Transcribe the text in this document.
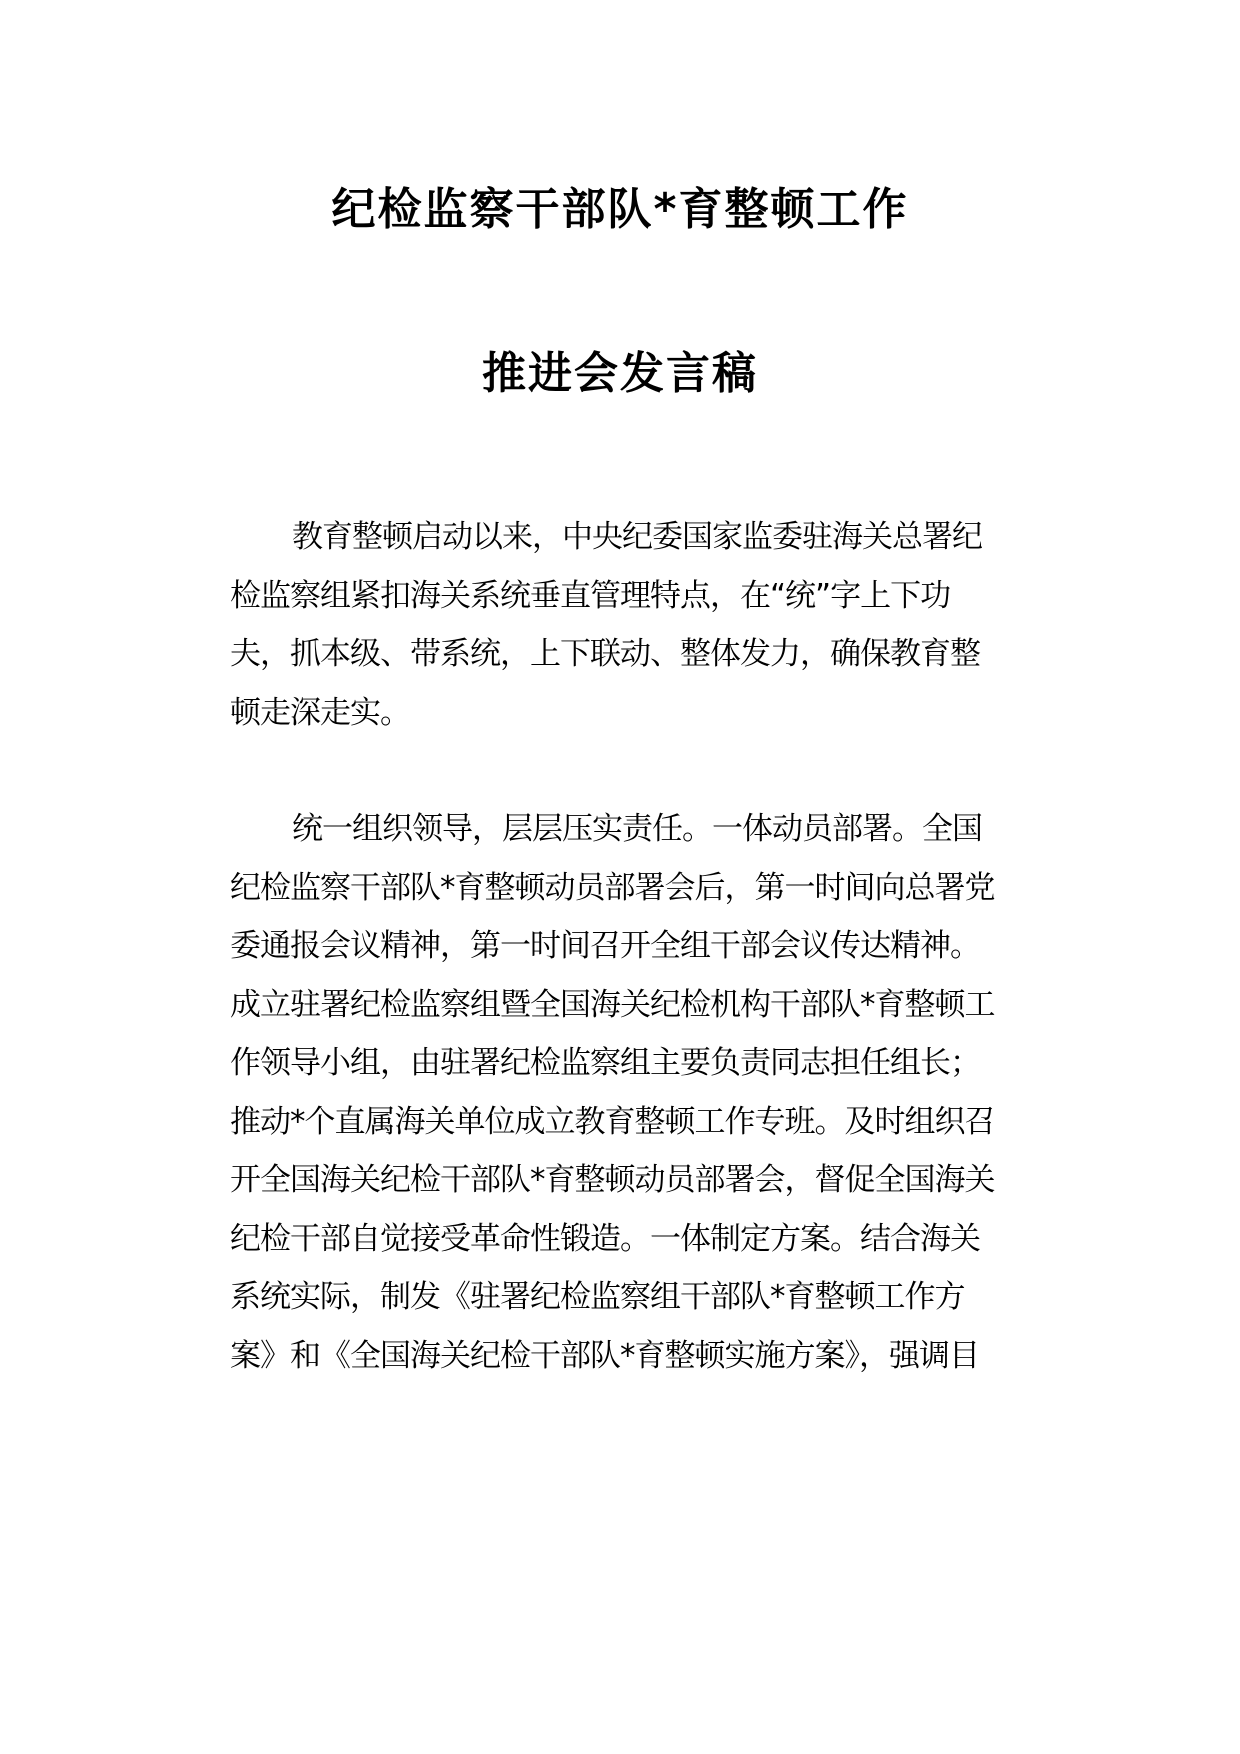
纪检监察干部队*育整顿工作
推进会发言稿
教育整顿启动以来，中央纪委国家监委驻海关总署纪
检监察组紧扣海关系统垂直管理特点，在“统”字上下功
夫，抓本级、带系统，上下联动、整体发力，确保教育整
顿走深走实。
统一组织领导，层层压实责任。一体动员部署。全国
纪检监察干部队*育整顿动员部署会后，第一时间向总署党
委通报会议精神，第一时间召开全组干部会议传达精神。
成立驻署纪检监察组暨全国海关纪检机构干部队*育整顿工
作领导小组，由驻署纪检监察组主要负责同志担任组长；
推动*个直属海关单位成立教育整顿工作专班。及时组织召
开全国海关纪检干部队*育整顿动员部署会，督促全国海关
纪检干部自觉接受革命性锻造。一体制定方案。结合海关
系统实际，制发《驻署纪检监察组干部队*育整顿工作方
案》和《全国海关纪检干部队*育整顿实施方案》，强调目
